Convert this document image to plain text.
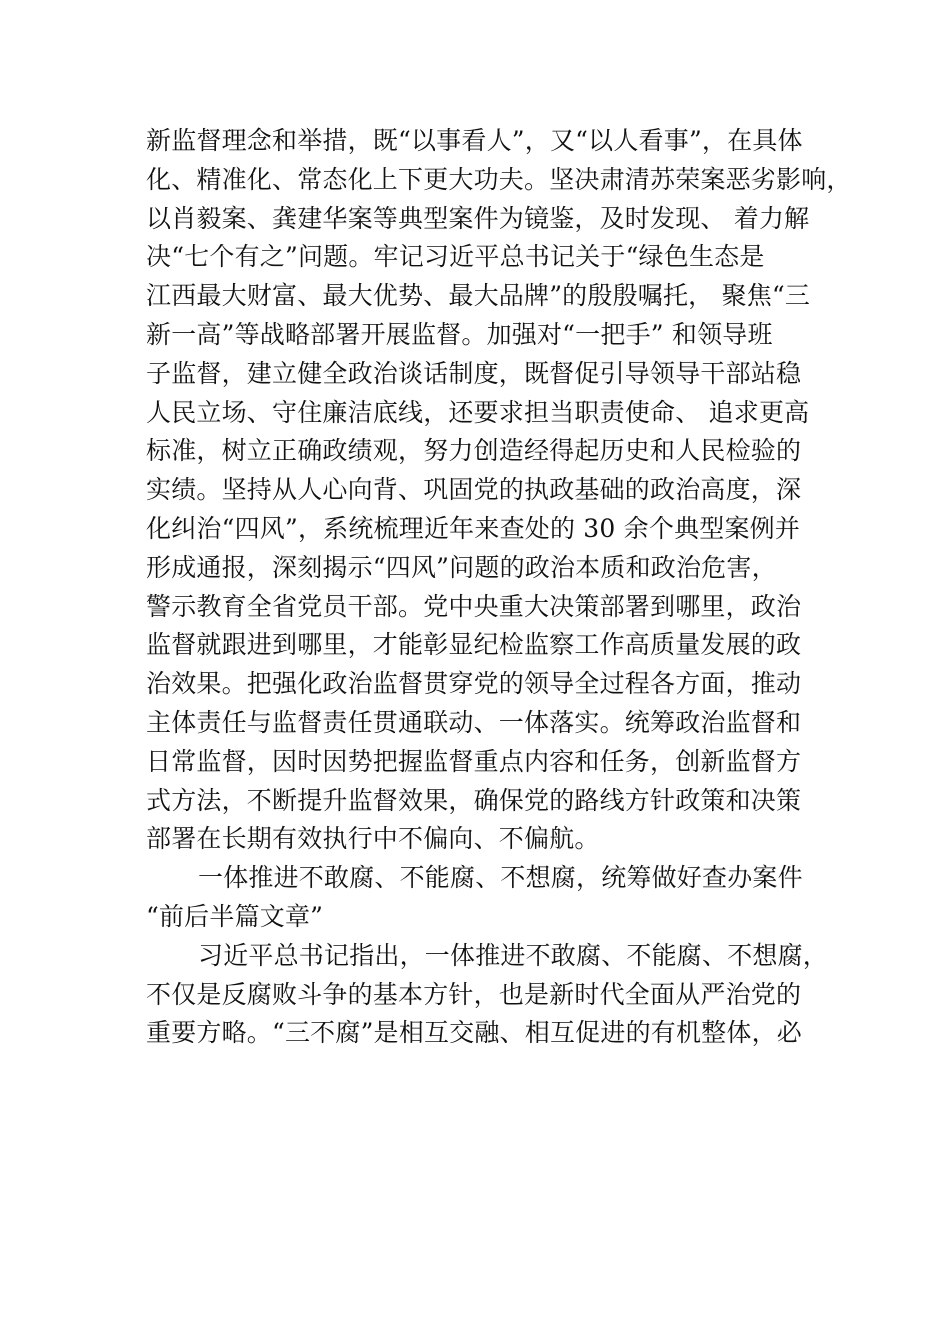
新监督理念和举措，既“以事看人”，又“以人看事”，在具体
化、精准化、常态化上下更大功夫。坚决肃清苏荣案恶劣影响，
以肖毅案、龚建华案等典型案件为镜鉴，及时发现、 着力解
决“七个有之”问题。牢记习近平总书记关于“绿色生态是
江西最大财富、最大优势、最大品牌”的殷殷嘱托， 聚焦“三
新一高”等战略部署开展监督。加强对“一把手” 和领导班
子监督，建立健全政治谈话制度，既督促引导领导干部站稳
人民立场、守住廉洁底线，还要求担当职责使命、 追求更高
标准，树立正确政绩观，努力创造经得起历史和人民检验的
实绩。坚持从人心向背、巩固党的执政基础的政治高度，深
化纠治“四风”，系统梳理近年来查处的 30 余个典型案例并
形成通报，深刻揭示“四风”问题的政治本质和政治危害，
警示教育全省党员干部。党中央重大决策部署到哪里，政治
监督就跟进到哪里，才能彰显纪检监察工作高质量发展的政
治效果。把强化政治监督贯穿党的领导全过程各方面，推动
主体责任与监督责任贯通联动、一体落实。统筹政治监督和
日常监督，因时因势把握监督重点内容和任务，创新监督方
式方法，不断提升监督效果，确保党的路线方针政策和决策
部署在长期有效执行中不偏向、不偏航。
一体推进不敢腐、不能腐、不想腐，统筹做好查办案件
“前后半篇文章”
习近平总书记指出，一体推进不敢腐、不能腐、不想腐，
不仅是反腐败斗争的基本方针，也是新时代全面从严治党的
重要方略。“三不腐”是相互交融、相互促进的有机整体，必
